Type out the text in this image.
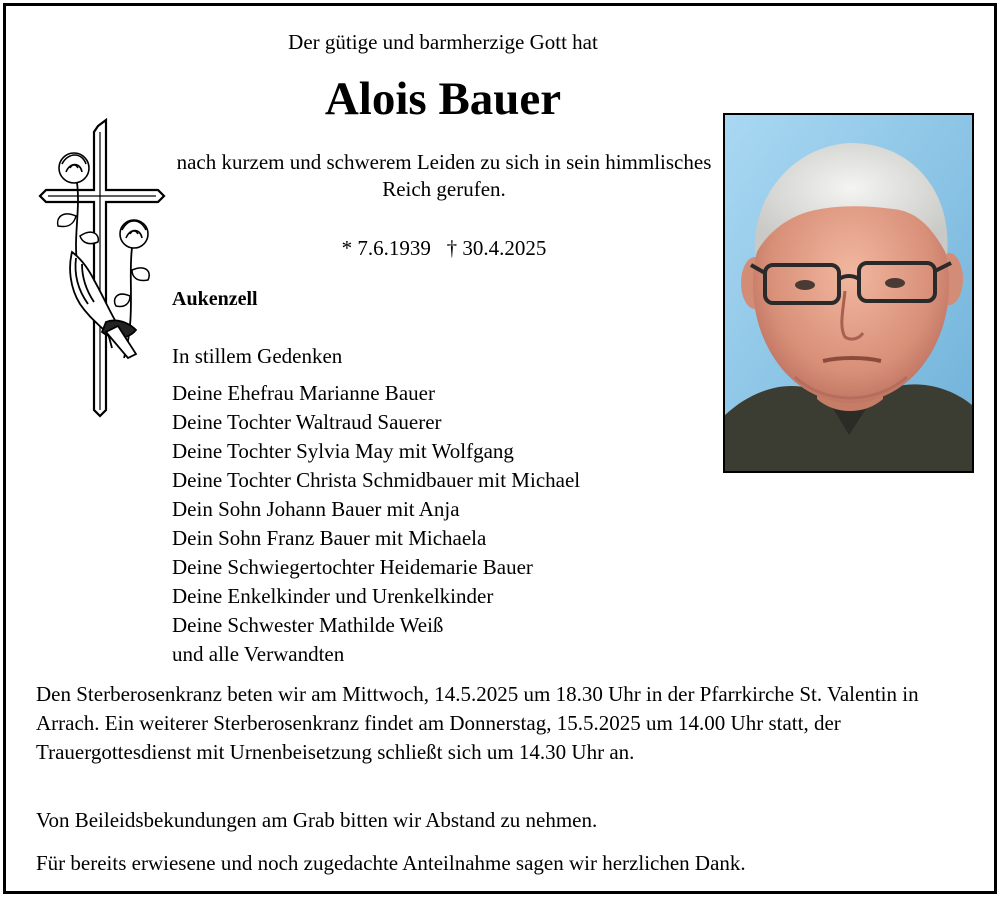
Der gütige und barmherzige Gott hat
Alois Bauer
nach kurzem und schwerem Leiden zu sich in sein himmlisches Reich gerufen.
* 7.6.1939   † 30.4.2025
Aukenzell
In stillem Gedenken
Deine Ehefrau Marianne Bauer
Deine Tochter Waltraud Sauerer
Deine Tochter Sylvia May mit Wolfgang
Deine Tochter Christa Schmidbauer mit Michael
Dein Sohn Johann Bauer mit Anja
Dein Sohn Franz Bauer mit Michaela
Deine Schwiegertochter Heidemarie Bauer
Deine Enkelkinder und Urenkelkinder
Deine Schwester Mathilde Weiß
und alle Verwandten
Den Sterberosenkranz beten wir am Mittwoch, 14.5.2025 um 18.30 Uhr in der Pfarrkirche St. Valentin in Arrach. Ein weiterer Sterberosenkranz findet am Donnerstag, 15.5.2025 um 14.00 Uhr statt, der Trauergottesdienst mit Urnenbeisetzung schließt sich um 14.30 Uhr an.
Von Beileidsbekundungen am Grab bitten wir Abstand zu nehmen.
Für bereits erwiesene und noch zugedachte Anteilnahme sagen wir herzlichen Dank.
